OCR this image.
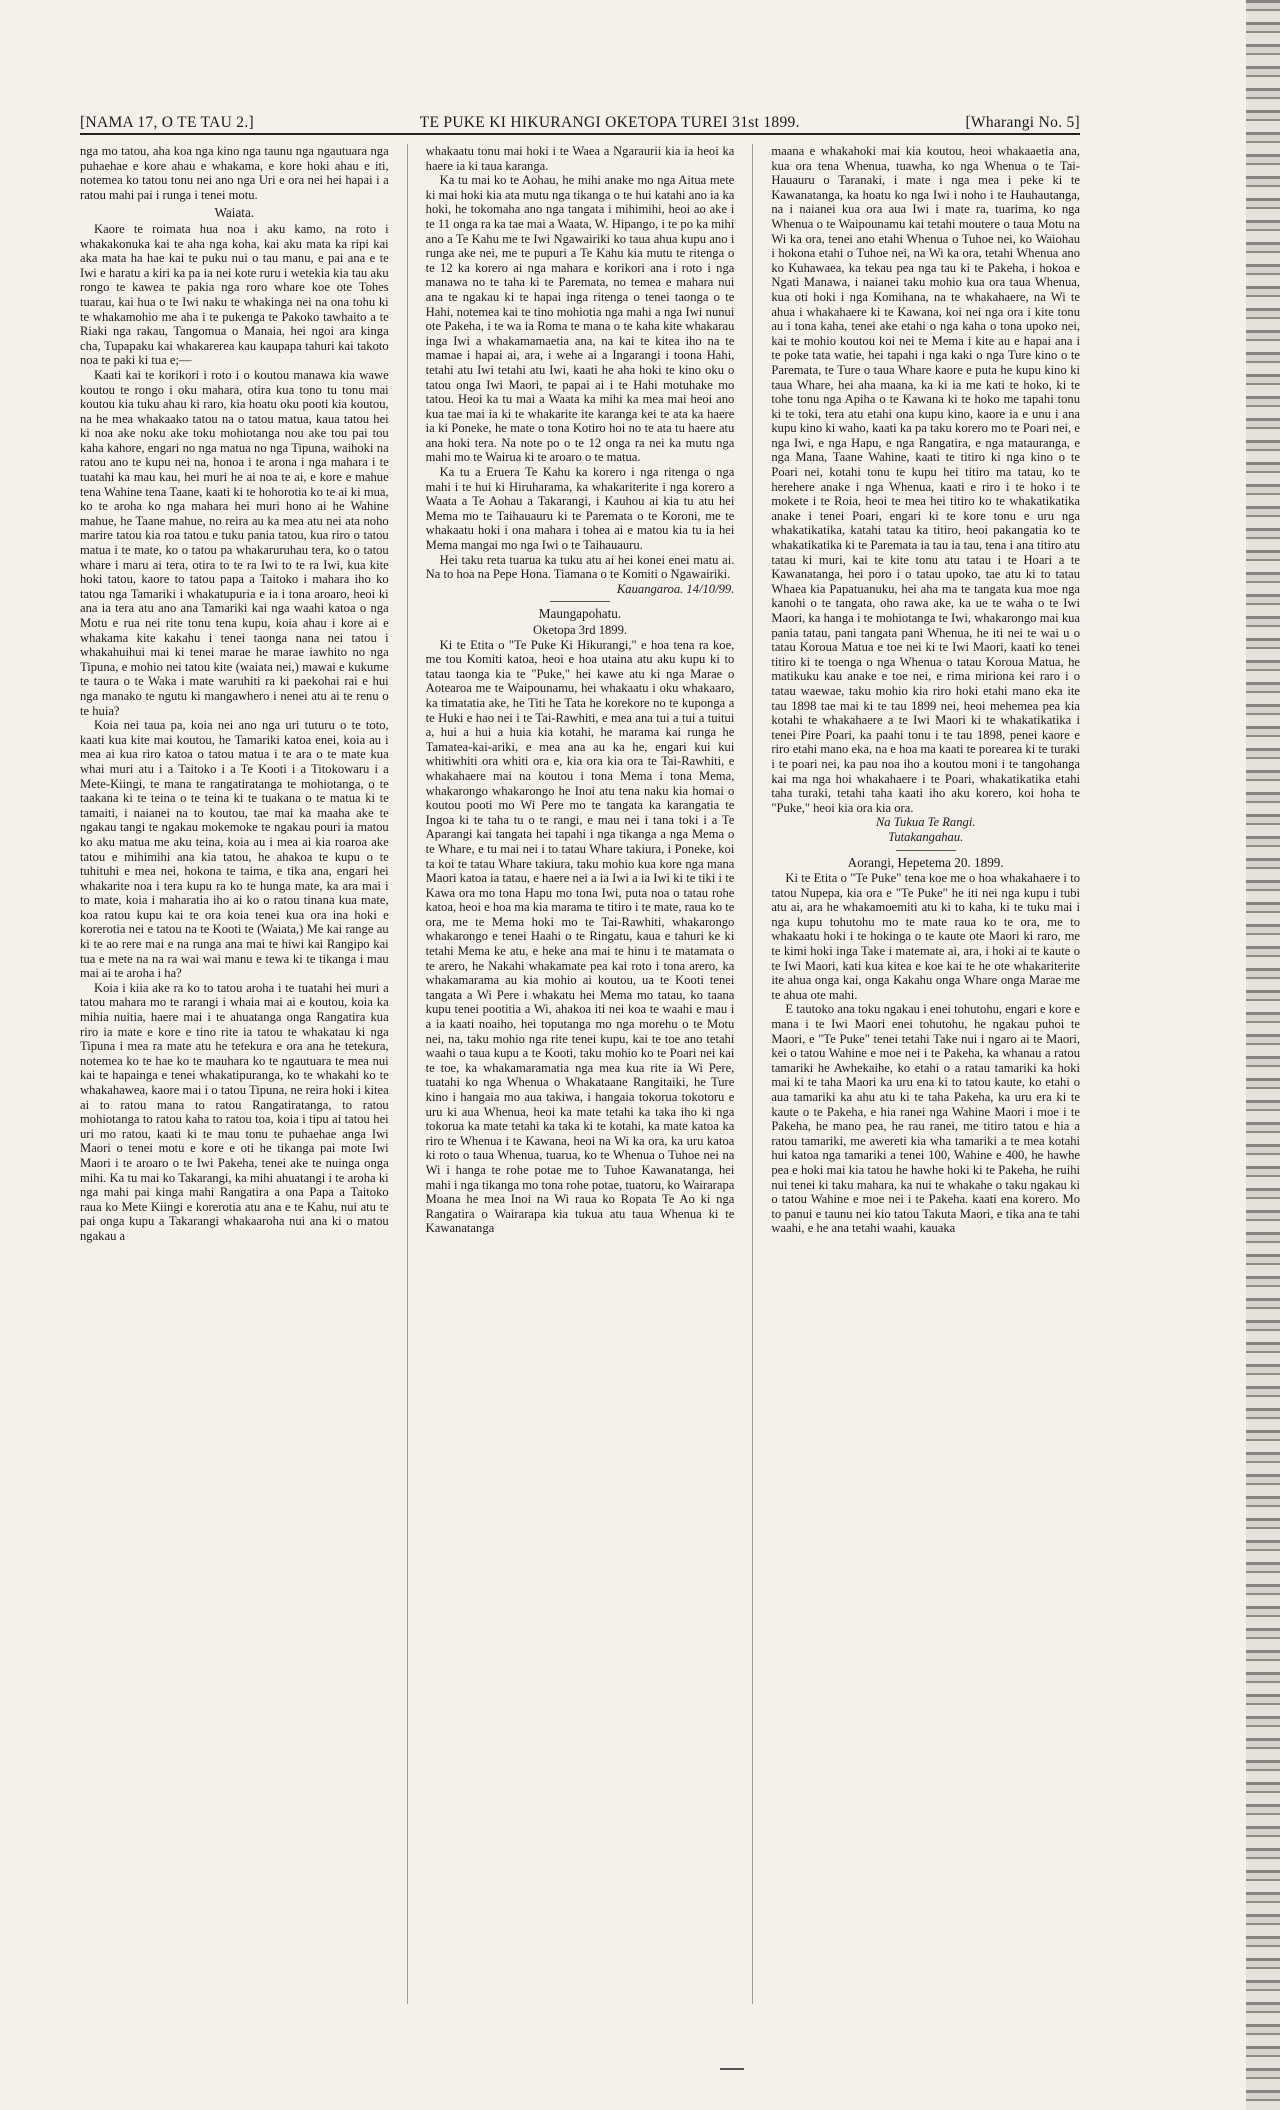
[NAMA 17, O TE TAU 2.]	TE PUKE KI HIKURANGI OKETOPA TUREI 31st 1899.	[Wharangi No. 5]

nga mo tatou, aha koa nga kino nga taunu nga ngautuara nga puhaehae e kore ahau e whakama, e kore hoki ahau e iti, notemea ko tatou tonu nei ano nga Uri e ora nei hei hapai i a ratou mahi pai i runga i tenei motu.

Waiata.

Kaore te roimata hua noa i aku kamo, na roto i whakakonuka kai te aha nga koha, kai aku mata ka ripi kai aka mata ha hae kai te puku nui o tau manu, e pai ana e te Iwi e haratu a kiri ka pa ia nei kote ruru i wetekia kia tau aku rongo te kawea te pakia nga roro whare koe ote Tohes tuarau, kai hua o te Iwi naku te whakinga nei na ona tohu ki te whakamohio me aha i te pukenga te Pakoko tawhaito a te Riaki nga rakau, Tangomua o Manaia, hei ngoi ara kinga cha, Tupapaku kai whakarerea kau kaupapa tahuri kai takoto noa te paki ki tua e;—

Kaati kai te korikori i roto i o koutou manawa kia wawe koutou te rongo i oku mahara, otira kua tono tu tonu mai koutou kia tuku ahau ki raro, kia hoatu oku pooti kia koutou, na he mea whakaako tatou na o tatou matua, kaua tatou hei ki noa ake noku ake toku mohiotanga nou ake tou pai tou kaha kahore, engari no nga matua no nga Tipuna, waihoki na ratou ano te kupu nei na, honoa i te arona i nga mahara i te tuatahi ka mau kau, hei muri he ai noa te ai, e kore e mahue tena Wahine tena Taane, kaati ki te hohorotia ko te ai ki mua, ko te aroha ko nga mahara hei muri hono ai he Wahine mahue, he Taane mahue, no reira au ka mea atu nei ata noho marire tatou kia roa tatou e tuku pania tatou, kua riro o tatou matua i te mate, ko o tatou pa whakaruruhau tera, ko o tatou whare i maru ai tera, otira to te ra Iwi to te ra Iwi, kua kite hoki tatou, kaore to tatou papa a Taitoko i mahara iho ko tatou nga Tamariki i whakatupuria e ia i tona aroaro, heoi ki ana ia tera atu ano ana Tamariki kai nga waahi katoa o nga Motu e rua nei rite tonu tena kupu, koia ahau i kore ai e whakama kite kakahu i tenei taonga nana nei tatou i whakahuihui mai ki tenei marae he marae iawhito no nga Tipuna, e mohio nei tatou kite (waiata nei,) mawai e kukume te taura o te Waka i mate waruhiti ra ki paekohai rai e hui nga manako te ngutu ki mangawhero i nenei atu ai te renu o te huia?

Koia nei taua pa, koia nei ano nga uri tuturu o te toto, kaati kua kite mai koutou, he Tamariki katoa enei, koia au i mea ai kua riro katoa o tatou matua i te ara o te mate kua whai muri atu i a Taitoko i a Te Kooti i a Titokowaru i a Mete-Kiingi, te mana te rangatiratanga te mohiotanga, o te taakana ki te teina o te teina ki te tuakana o te matua ki te tamaiti, i naianei na to koutou, tae mai ka maaha ake te ngakau tangi te ngakau mokemoke te ngakau pouri ia matou ko aku matua me aku teina, koia au i mea ai kia roaroa ake tatou e mihimihi ana kia tatou, he ahakoa te kupu o te tuhituhi e mea nei, hokona te taima, e tika ana, engari hei whakarite noa i tera kupu ra ko te hunga mate, ka ara mai i to mate, koia i maharatia iho ai ko o ratou tinana kua mate, koa ratou kupu kai te ora koia tenei kua ora ina hoki e korerotia nei e tatou na te Kooti te (Waiata,) Me kai range au ki te ao rere mai e na runga ana mai te hiwi kai Rangipo kai tua e mete na na ra wai wai manu e tewa ki te tikanga i mau mai ai te aroha i ha?

Koia i kiia ake ra ko to tatou aroha i te tuatahi hei muri a tatou mahara mo te rarangi i whaia mai ai e koutou, koia ka mihia nuitia, haere mai i te ahuatanga onga Rangatira kua riro ia mate e kore e tino rite ia tatou te whakatau ki nga Tipuna i mea ra mate atu he tetekura e ora ana he tetekura, notemea ko te hae ko te mauhara ko te ngautuara te mea nui kai te hapainga e tenei whakatipuranga, ko te whakahi ko te whakahawea, kaore mai i o tatou Tipuna, ne reira hoki i kitea ai to ratou mana to ratou Rangatiratanga, to ratou mohiotanga to ratou kaha to ratou toa, koia i tipu ai tatou hei uri mo ratou, kaati ki te mau tonu te puhaehae anga Iwi Maori o tenei motu e kore e oti he tikanga pai mote Iwi Maori i te aroaro o te Iwi Pakeha, tenei ake te nuinga onga mihi. Ka tu mai ko Takarangi, ka mihi ahuatangi i te aroha ki nga mahi pai kinga mahi Rangatira a ona Papa a Taitoko raua ko Mete Kiingi e korerotia atu ana e te Kahu, nui atu te pai onga kupu a Takarangi whakaaroha nui ana ki o matou ngakau a

whakaatu tonu mai hoki i te Waea a Ngaraurii kia ia heoi ka haere ia ki taua karanga.

Ka tu mai ko te Aohau, he mihi anake mo nga Aitua mete ki mai hoki kia ata mutu nga tikanga o te hui katahi ano ia ka hoki, he tokomaha ano nga tangata i mihimihi, heoi ao ake i te 11 onga ra ka tae mai a Waata, W. Hipango, i te po ka mihi ano a Te Kahu me te Iwi Ngawairiki ko taua ahua kupu ano i runga ake nei, me te pupuri a Te Kahu kia mutu te ritenga o te 12 ka korero ai nga mahara e korikori ana i roto i nga manawa no te taha ki te Paremata, no temea e mahara nui ana te ngakau ki te hapai inga ritenga o tenei taonga o te Hahi, notemea kai te tino mohiotia nga mahi a nga Iwi nunui ote Pakeha, i te wa ia Roma te mana o te kaha kite whakarau inga Iwi a whakamamaetia ana, na kai te kitea iho na te mamae i hapai ai, ara, i wehe ai a Ingarangi i toona Hahi, tetahi atu Iwi tetahi atu Iwi, kaati he aha hoki te kino oku o tatou onga Iwi Maori, te papai ai i te Hahi motuhake mo tatou. Heoi ka tu mai a Waata ka mihi ka mea mai heoi ano kua tae mai ia ki te whakarite ite karanga kei te ata ka haere ia ki Poneke, he mate o tona Kotiro hoi no te ata tu haere atu ana hoki tera. Na note po o te 12 onga ra nei ka mutu nga mahi mo te Wairua ki te aroaro o te matua.

Ka tu a Eruera Te Kahu ka korero i nga ritenga o nga mahi i te hui ki Hiruharama, ka whakariterite i nga korero a Waata a Te Aohau a Takarangi, i Kauhou ai kia tu atu hei Mema mo te Taihauauru ki te Paremata o te Koroni, me te whakaatu hoki i ona mahara i tohea ai e matou kia tu ia hei Mema mangai mo nga Iwi o te Taihauauru.

Hei taku reta tuarua ka tuku atu ai hei konei enei matu ai. Na to hoa na Pepe Hona. Tiamana o te Komiti o Ngawairiki.

Kauangaroa. 14/10/99.

Maungapohatu.

Oketopa 3rd 1899.

Ki te Etita o "Te Puke Ki Hikurangi," e hoa tena ra koe, me tou Komiti katoa, heoi e hoa utaina atu aku kupu ki to tatau taonga kia te "Puke," hei kawe atu ki nga Marae o Aotearoa me te Waipounamu, hei whakaatu i oku whakaaro, ka timatatia ake, he Titi he Tata he korekore no te kuponga a te Huki e hao nei i te Tai-Rawhiti, e mea ana tui a tui a tuitui a, hui a hui a huia kia kotahi, he marama kai runga he Tamatea-kai-ariki, e mea ana au ka he, engari kui kui whitiwhiti ora whiti ora e, kia ora kia ora te Tai-Rawhiti, e whakahaere mai na koutou i tona Mema i tona Mema, whakarongo whakarongo he Inoi atu tena naku kia homai o koutou pooti mo Wi Pere mo te tangata ka karangatia te Ingoa ki te taha tu o te rangi, e mau nei i tana toki i a Te Aparangi kai tangata hei tapahi i nga tikanga a nga Mema o te Whare, e tu mai nei i to tatau Whare takiura, i Poneke, koi ta koi te tatau Whare takiura, taku mohio kua kore nga mana Maori katoa ia tatau, e haere nei a ia Iwi a ia Iwi ki te tiki i te Kawa ora mo tona Hapu mo tona Iwi, puta noa o tatau rohe katoa, heoi e hoa ma kia marama te titiro i te mate, raua ko te ora, me te Mema hoki mo te Tai-Rawhiti, whakarongo whakarongo e tenei Haahi o te Ringatu, kaua e tahuri ke ki tetahi Mema ke atu, e heke ana mai te hinu i te matamata o te arero, he Nakahi whakamate pea kai roto i tona arero, ka whakamarama au kia mohio ai koutou, ua te Kooti tenei tangata a Wi Pere i whakatu hei Mema mo tatau, ko taana kupu tenei pootitia a Wi, ahakoa iti nei koa te waahi e mau i a ia kaati noaiho, hei toputanga mo nga morehu o te Motu nei, na, taku mohio nga rite tenei kupu, kai te toe ano tetahi waahi o taua kupu a te Kooti, taku mohio ko te Poari nei kai te toe, ka whakamaramatia nga mea kua rite ia Wi Pere, tuatahi ko nga Whenua o Whakataane Rangitaiki, he Ture kino i hangaia mo aua takiwa, i hangaia tokorua tokotoru e uru ki aua Whenua, heoi ka mate tetahi ka taka iho ki nga tokorua ka mate tetahi ka taka ki te kotahi, ka mate katoa ka riro te Whenua i te Kawana, heoi na Wi ka ora, ka uru katoa ki roto o taua Whenua, tuarua, ko te Whenua o Tuhoe nei na Wi i hanga te rohe potae me to Tuhoe Kawanatanga, hei mahi i nga tikanga mo tona rohe potae, tuatoru, ko Wairarapa Moana he mea Inoi na Wi raua ko Ropata Te Ao ki nga Rangatira o Wairarapa kia tukua atu taua Whenua ki te Kawanatanga

maana e whakahoki mai kia koutou, heoi whakaaetia ana, kua ora tena Whenua, tuawha, ko nga Whenua o te Tai-Hauauru o Taranaki, i mate i nga mea i peke ki te Kawanatanga, ka hoatu ko nga Iwi i noho i te Hauhautanga, na i naianei kua ora aua Iwi i mate ra, tuarima, ko nga Whenua o te Waipounamu kai tetahi moutere o taua Motu na Wi ka ora, tenei ano etahi Whenua o Tuhoe nei, ko Waiohau i hokona etahi o Tuhoe nei, na Wi ka ora, tetahi Whenua ano ko Kuhawaea, ka tekau pea nga tau ki te Pakeha, i hokoa e Ngati Manawa, i naianei taku mohio kua ora taua Whenua, kua oti hoki i nga Komihana, na te whakahaere, na Wi te ahua i whakahaere ki te Kawana, koi nei nga ora i kite tonu au i tona kaha, tenei ake etahi o nga kaha o tona upoko nei, kai te mohio koutou koi nei te Mema i kite au e hapai ana i te poke tata watie, hei tapahi i nga kaki o nga Ture kino o te Paremata, te Ture o taua Whare kaore e puta he kupu kino ki taua Whare, hei aha maana, ka ki ia me kati te hoko, ki te tohe tonu nga Apiha o te Kawana ki te hoko me tapahi tonu ki te toki, tera atu etahi ona kupu kino, kaore ia e unu i ana kupu kino ki waho, kaati ka pa taku korero mo te Poari nei, e nga Iwi, e nga Hapu, e nga Rangatira, e nga matauranga, e nga Mana, Taane Wahine, kaati te titiro ki nga kino o te Poari nei, kotahi tonu te kupu hei titiro ma tatau, ko te herehere anake i nga Whenua, kaati e riro i te hoko i te mokete i te Roia, heoi te mea hei titiro ko te whakatikatika anake i tenei Poari, engari ki te kore tonu e uru nga whakatikatika, katahi tatau ka titiro, heoi pakangatia ko te whakatikatika ki te Paremata ia tau ia tau, tena i ana titiro atu tatau ki muri, kai te kite tonu atu tatau i te Hoari a te Kawanatanga, hei poro i o tatau upoko, tae atu ki to tatau Whaea kia Papatuanuku, hei aha ma te tangata kua moe nga kanohi o te tangata, oho rawa ake, ka ue te waha o te Iwi Maori, ka hanga i te mohiotanga te Iwi, whakarongo mai kua pania tatau, pani tangata pani Whenua, he iti nei te wai u o tatau Koroua Matua e toe nei ki te Iwi Maori, kaati ko tenei titiro ki te toenga o nga Whenua o tatau Koroua Matua, he matikuku kau anake e toe nei, e rima miriona kei raro i o tatau waewae, taku mohio kia riro hoki etahi mano eka ite tau 1898 tae mai ki te tau 1899 nei, heoi mehemea pea kia kotahi te whakahaere a te Iwi Maori ki te whakatikatika i tenei Pire Poari, ka paahi tonu i te tau 1898, penei kaore e riro etahi mano eka, na e hoa ma kaati te porearea ki te turaki i te poari nei, ka pau noa iho a koutou moni i te tangohanga kai ma nga hoi whakahaere i te Poari, whakatikatika etahi taha turaki, tetahi taha kaati iho aku korero, koi hoha te "Puke," heoi kia ora kia ora.

Na Tukua Te Rangi.

Tutakangahau.

Aorangi, Hepetema 20. 1899.

Ki te Etita o "Te Puke" tena koe me o hoa whakahaere i to tatou Nupepa, kia ora e "Te Puke" he iti nei nga kupu i tubi atu ai, ara he whakamoemiti atu ki to kaha, ki te tuku mai i nga kupu tohutohu mo te mate raua ko te ora, me to whakaatu hoki i te hokinga o te kaute ote Maori ki raro, me te kimi hoki inga Take i matemate ai, ara, i hoki ai te kaute o te Iwi Maori, kati kua kitea e koe kai te he ote whakariterite ite ahua onga kai, onga Kakahu onga Whare onga Marae me te ahua ote mahi.

E tautoko ana toku ngakau i enei tohutohu, engari e kore e mana i te Iwi Maori enei tohutohu, he ngakau puhoi te Maori, e "Te Puke" tenei tetahi Take nui i ngaro ai te Maori, kei o tatou Wahine e moe nei i te Pakeha, ka whanau a ratou tamariki he Awhekaihe, ko etahi o a ratau tamariki ka hoki mai ki te taha Maori ka uru ena ki to tatou kaute, ko etahi o aua tamariki ka ahu atu ki te taha Pakeha, ka uru era ki te kaute o te Pakeha, e hia ranei nga Wahine Maori i moe i te Pakeha, he mano pea, he rau ranei, me titiro tatou e hia a ratou tamariki, me awereti kia wha tamariki a te mea kotahi hui katoa nga tamariki a tenei 100, Wahine e 400, he hawhe pea e hoki mai kia tatou he hawhe hoki ki te Pakeha, he ruihi nui tenei ki taku mahara, ka nui te whakahe o taku ngakau ki o tatou Wahine e moe nei i te Pakeha. kaati ena korero. Mo to panui e taunu nei kio tatou Takuta Maori, e tika ana te tahi waahi, e he ana tetahi waahi, kauaka
